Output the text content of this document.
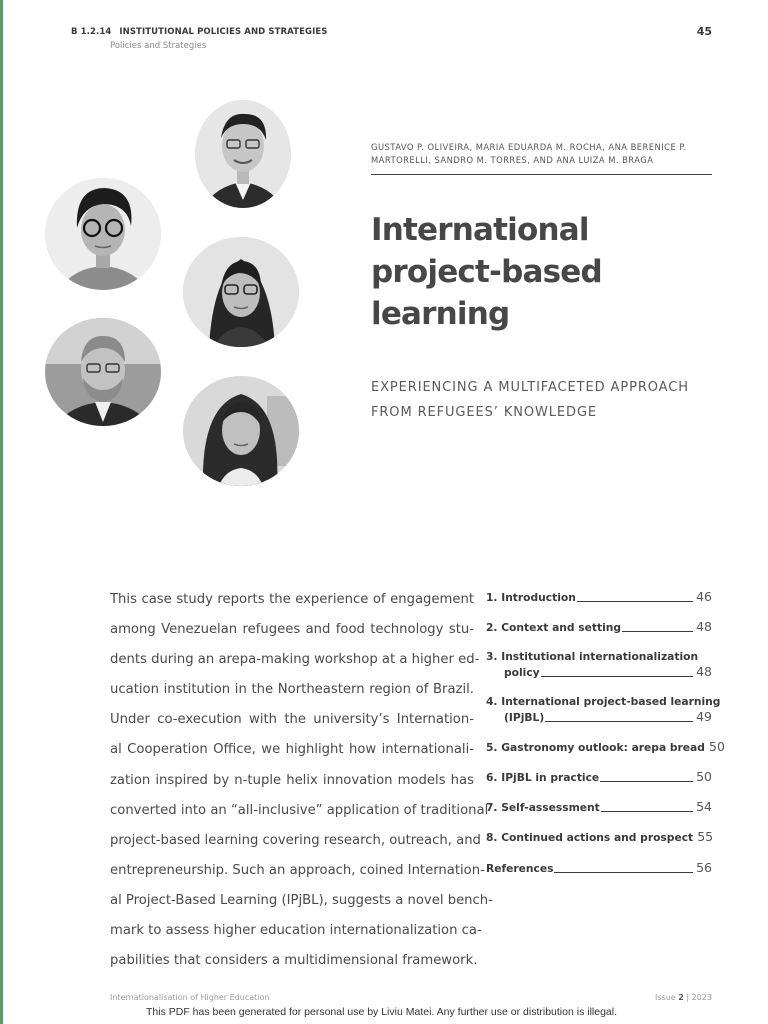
B 1.2.14 INSTITUTIONAL POLICIES AND STRATEGIES
Policies and Strategies
45
GUSTAVO P. OLIVEIRA, MARIA EDUARDA M. ROCHA, ANA BERENICE P. MARTORELLI, SANDRO M. TORRES, AND ANA LUIZA M. BRAGA
International
project-based
learning
EXPERIENCING A MULTIFACETED APPROACH
FROM REFUGEES’ KNOWLEDGE
This case study reports the experience of engagement
among Venezuelan refugees and food technology stu-
dents during an arepa-making workshop at a higher ed-
ucation institution in the Northeastern region of Brazil.
Under co-execution with the university’s Internation-
al Cooperation Office, we highlight how internationali-
zation inspired by n-tuple helix innovation models has
converted into an “all-inclusive” application of traditional
project-based learning covering research, outreach, and
entrepreneurship. Such an approach, coined Internation-
al Project-Based Learning (IPjBL), suggests a novel bench-
mark to assess higher education internationalization ca-
pabilities that considers a multidimensional framework.
1. Introduction	46
2. Context and setting	48
3. Institutional internationalization
policy	48
4. International project-based learning
(IPjBL)	49
5. Gastronomy outlook: arepa bread 50
6. IPjBL in practice	50
7. Self-assessment	54
8. Continued actions and prospect 55
References	56
Internationalisation of Higher Education	Issue 2 | 2023
This PDF has been generated for personal use by Liviu Matei. Any further use or distribution is illegal.
